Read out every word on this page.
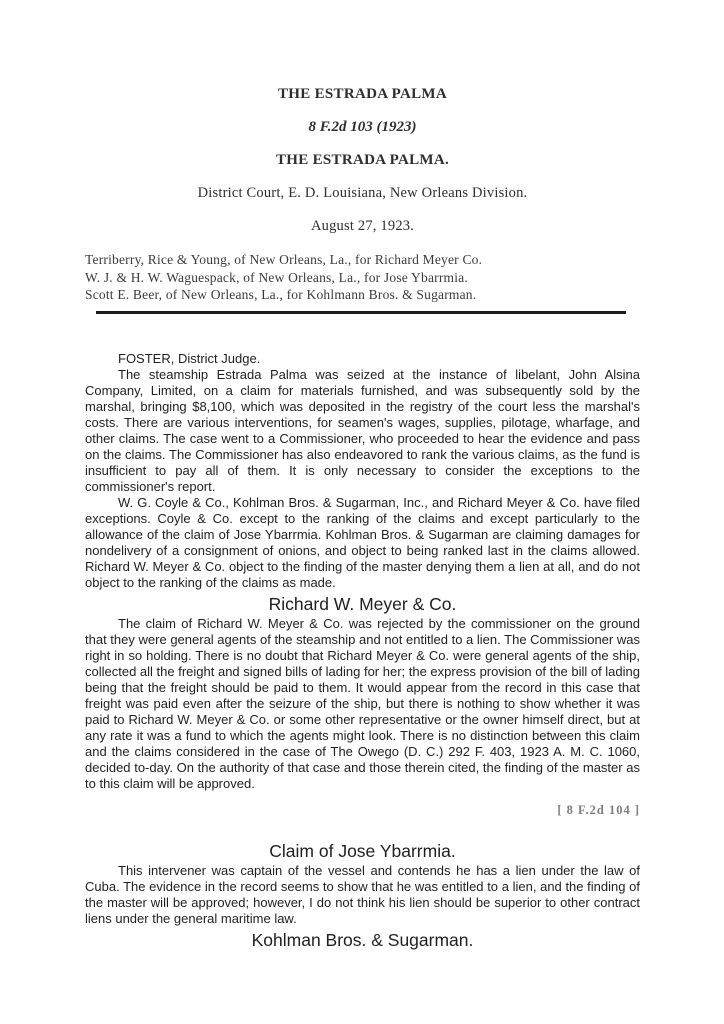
THE ESTRADA PALMA

8 F.2d 103 (1923)

THE ESTRADA PALMA.

District Court, E. D. Louisiana, New Orleans Division.

August 27, 1923.

Terriberry, Rice & Young, of New Orleans, La., for Richard Meyer Co.

W. J. & H. W. Waguespack, of New Orleans, La., for Jose Ybarrmia.

Scott E. Beer, of New Orleans, La., for Kohlmann Bros. & Sugarman.

FOSTER, District Judge.

The steamship Estrada Palma was seized at the instance of libelant, John Alsina Company, Limited, on a claim for materials furnished, and was subsequently sold by the marshal, bringing $8,100, which was deposited in the registry of the court less the marshal's costs. There are various interventions, for seamen's wages, supplies, pilotage, wharfage, and other claims. The case went to a Commissioner, who proceeded to hear the evidence and pass on the claims. The Commissioner has also endeavored to rank the various claims, as the fund is insufficient to pay all of them. It is only necessary to consider the exceptions to the commissioner's report.

W. G. Coyle & Co., Kohlman Bros. & Sugarman, Inc., and Richard Meyer & Co. have filed exceptions. Coyle & Co. except to the ranking of the claims and except particularly to the allowance of the claim of Jose Ybarrmia. Kohlman Bros. & Sugarman are claiming damages for nondelivery of a consignment of onions, and object to being ranked last in the claims allowed. Richard W. Meyer & Co. object to the finding of the master denying them a lien at all, and do not object to the ranking of the claims as made.

Richard W. Meyer & Co.

The claim of Richard W. Meyer & Co. was rejected by the commissioner on the ground that they were general agents of the steamship and not entitled to a lien. The Commissioner was right in so holding. There is no doubt that Richard Meyer & Co. were general agents of the ship, collected all the freight and signed bills of lading for her; the express provision of the bill of lading being that the freight should be paid to them. It would appear from the record in this case that freight was paid even after the seizure of the ship, but there is nothing to show whether it was paid to Richard W. Meyer & Co. or some other representative or the owner himself direct, but at any rate it was a fund to which the agents might look. There is no distinction between this claim and the claims considered in the case of The Owego (D. C.) 292 F. 403, 1923 A. M. C. 1060, decided to-day. On the authority of that case and those therein cited, the finding of the master as to this claim will be approved.

[ 8 F.2d 104 ]
Claim of Jose Ybarrmia.

This intervener was captain of the vessel and contends he has a lien under the law of Cuba. The evidence in the record seems to show that he was entitled to a lien, and the finding of the master will be approved; however, I do not think his lien should be superior to other contract liens under the general maritime law.

Kohlman Bros. & Sugarman.
